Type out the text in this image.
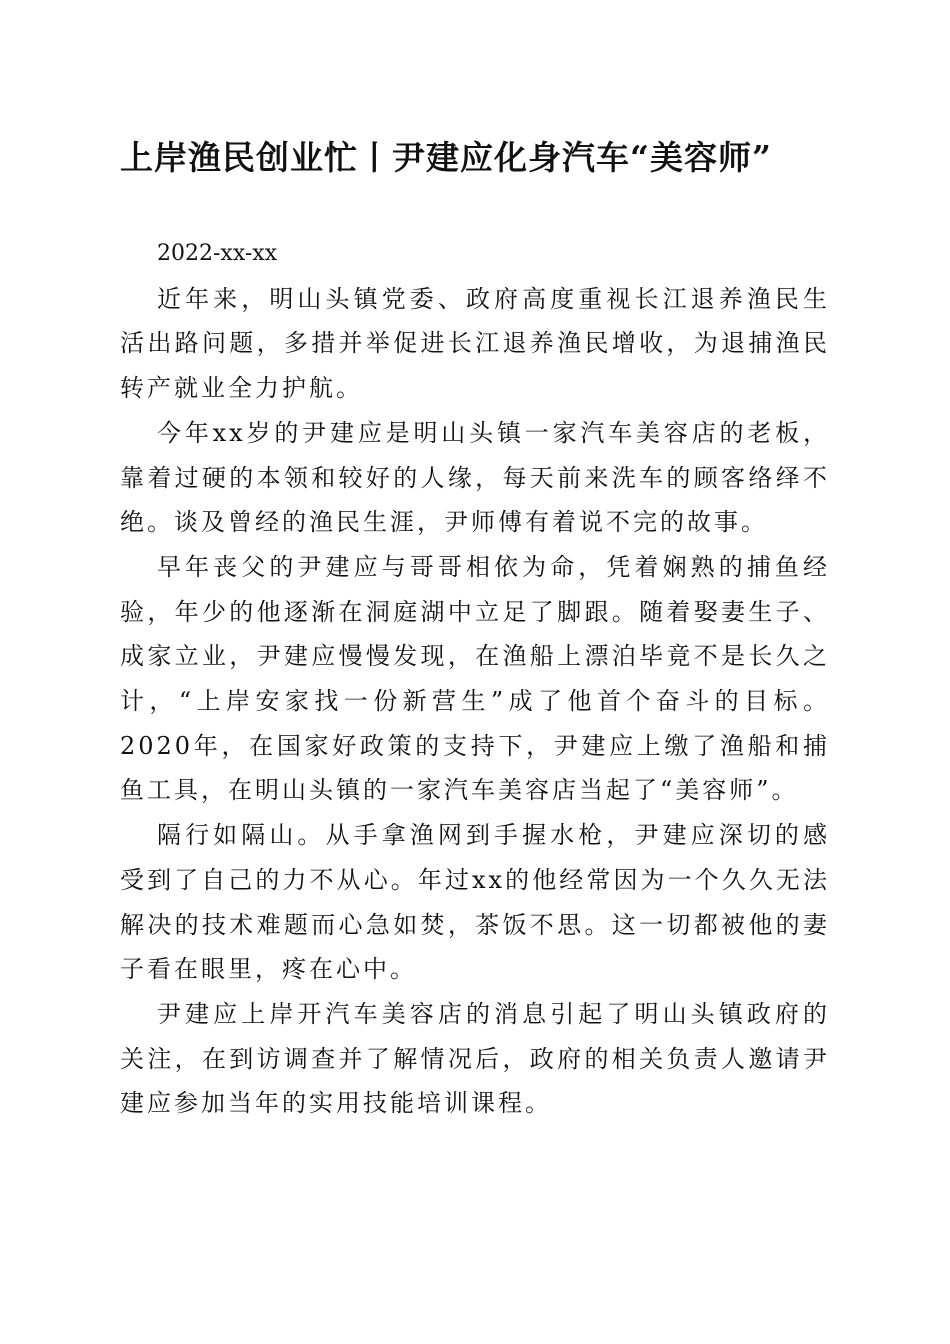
上岸渔民创业忙丨尹建应化身汽车“美容师”

2022-xx-xx

近年来，明山头镇党委、政府高度重视长江退养渔民生活出路问题，多措并举促进长江退养渔民增收，为退捕渔民转产就业全力护航。

今年xx岁的尹建应是明山头镇一家汽车美容店的老板，靠着过硬的本领和较好的人缘，每天前来洗车的顾客络绎不绝。谈及曾经的渔民生涯，尹师傅有着说不完的故事。

早年丧父的尹建应与哥哥相依为命，凭着娴熟的捕鱼经验，年少的他逐渐在洞庭湖中立足了脚跟。随着娶妻生子、成家立业，尹建应慢慢发现，在渔船上漂泊毕竟不是长久之计，“上岸安家找一份新营生”成了他首个奋斗的目标。2020年，在国家好政策的支持下，尹建应上缴了渔船和捕鱼工具，在明山头镇的一家汽车美容店当起了“美容师”。

隔行如隔山。从手拿渔网到手握水枪，尹建应深切的感受到了自己的力不从心。年过xx的他经常因为一个久久无法解决的技术难题而心急如焚，茶饭不思。这一切都被他的妻子看在眼里，疼在心中。

尹建应上岸开汽车美容店的消息引起了明山头镇政府的关注，在到访调查并了解情况后，政府的相关负责人邀请尹建应参加当年的实用技能培训课程。
